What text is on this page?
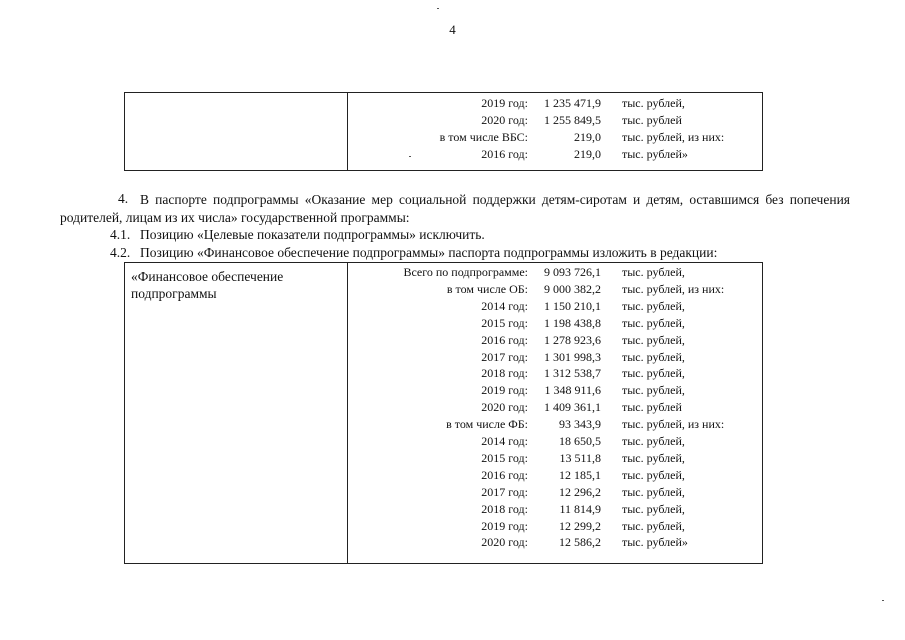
4
2019 год:	1 235 471,9 тыс. рублей,
2020 год:	1 255 849,5 тыс. рублей
в том числе ВБС:	219,0 тыс. рублей, из них:
2016 год:	219,0 тыс. рублей»
4. В паспорте подпрограммы «Оказание мер социальной поддержки детям-сиротам и детям, оставшимся без попечения родителей, лицам из их числа» государственной программы:
4.1. Позицию «Целевые показатели подпрограммы» исключить.
4.2. Позицию «Финансовое обеспечение подпрограммы» паспорта подпрограммы изложить в редакции:
«Финансовое обеспечение
подпрограммы
Всего по подпрограмме:	9 093 726,1 тыс. рублей,
в том числе ОБ:	9 000 382,2 тыс. рублей, из них:
2014 год:	1 150 210,1 тыс. рублей,
2015 год:	1 198 438,8 тыс. рублей,
2016 год:	1 278 923,6 тыс. рублей,
2017 год:	1 301 998,3 тыс. рублей,
2018 год:	1 312 538,7 тыс. рублей,
2019 год:	1 348 911,6 тыс. рублей,
2020 год:	1 409 361,1 тыс. рублей
в том числе ФБ:	93 343,9 тыс. рублей, из них:
2014 год:	18 650,5 тыс. рублей,
2015 год:	13 511,8 тыс. рублей,
2016 год:	12 185,1 тыс. рублей,
2017 год:	12 296,2 тыс. рублей,
2018 год:	11 814,9 тыс. рублей,
2019 год:	12 299,2 тыс. рублей,
2020 год:	12 586,2 тыс. рублей»
